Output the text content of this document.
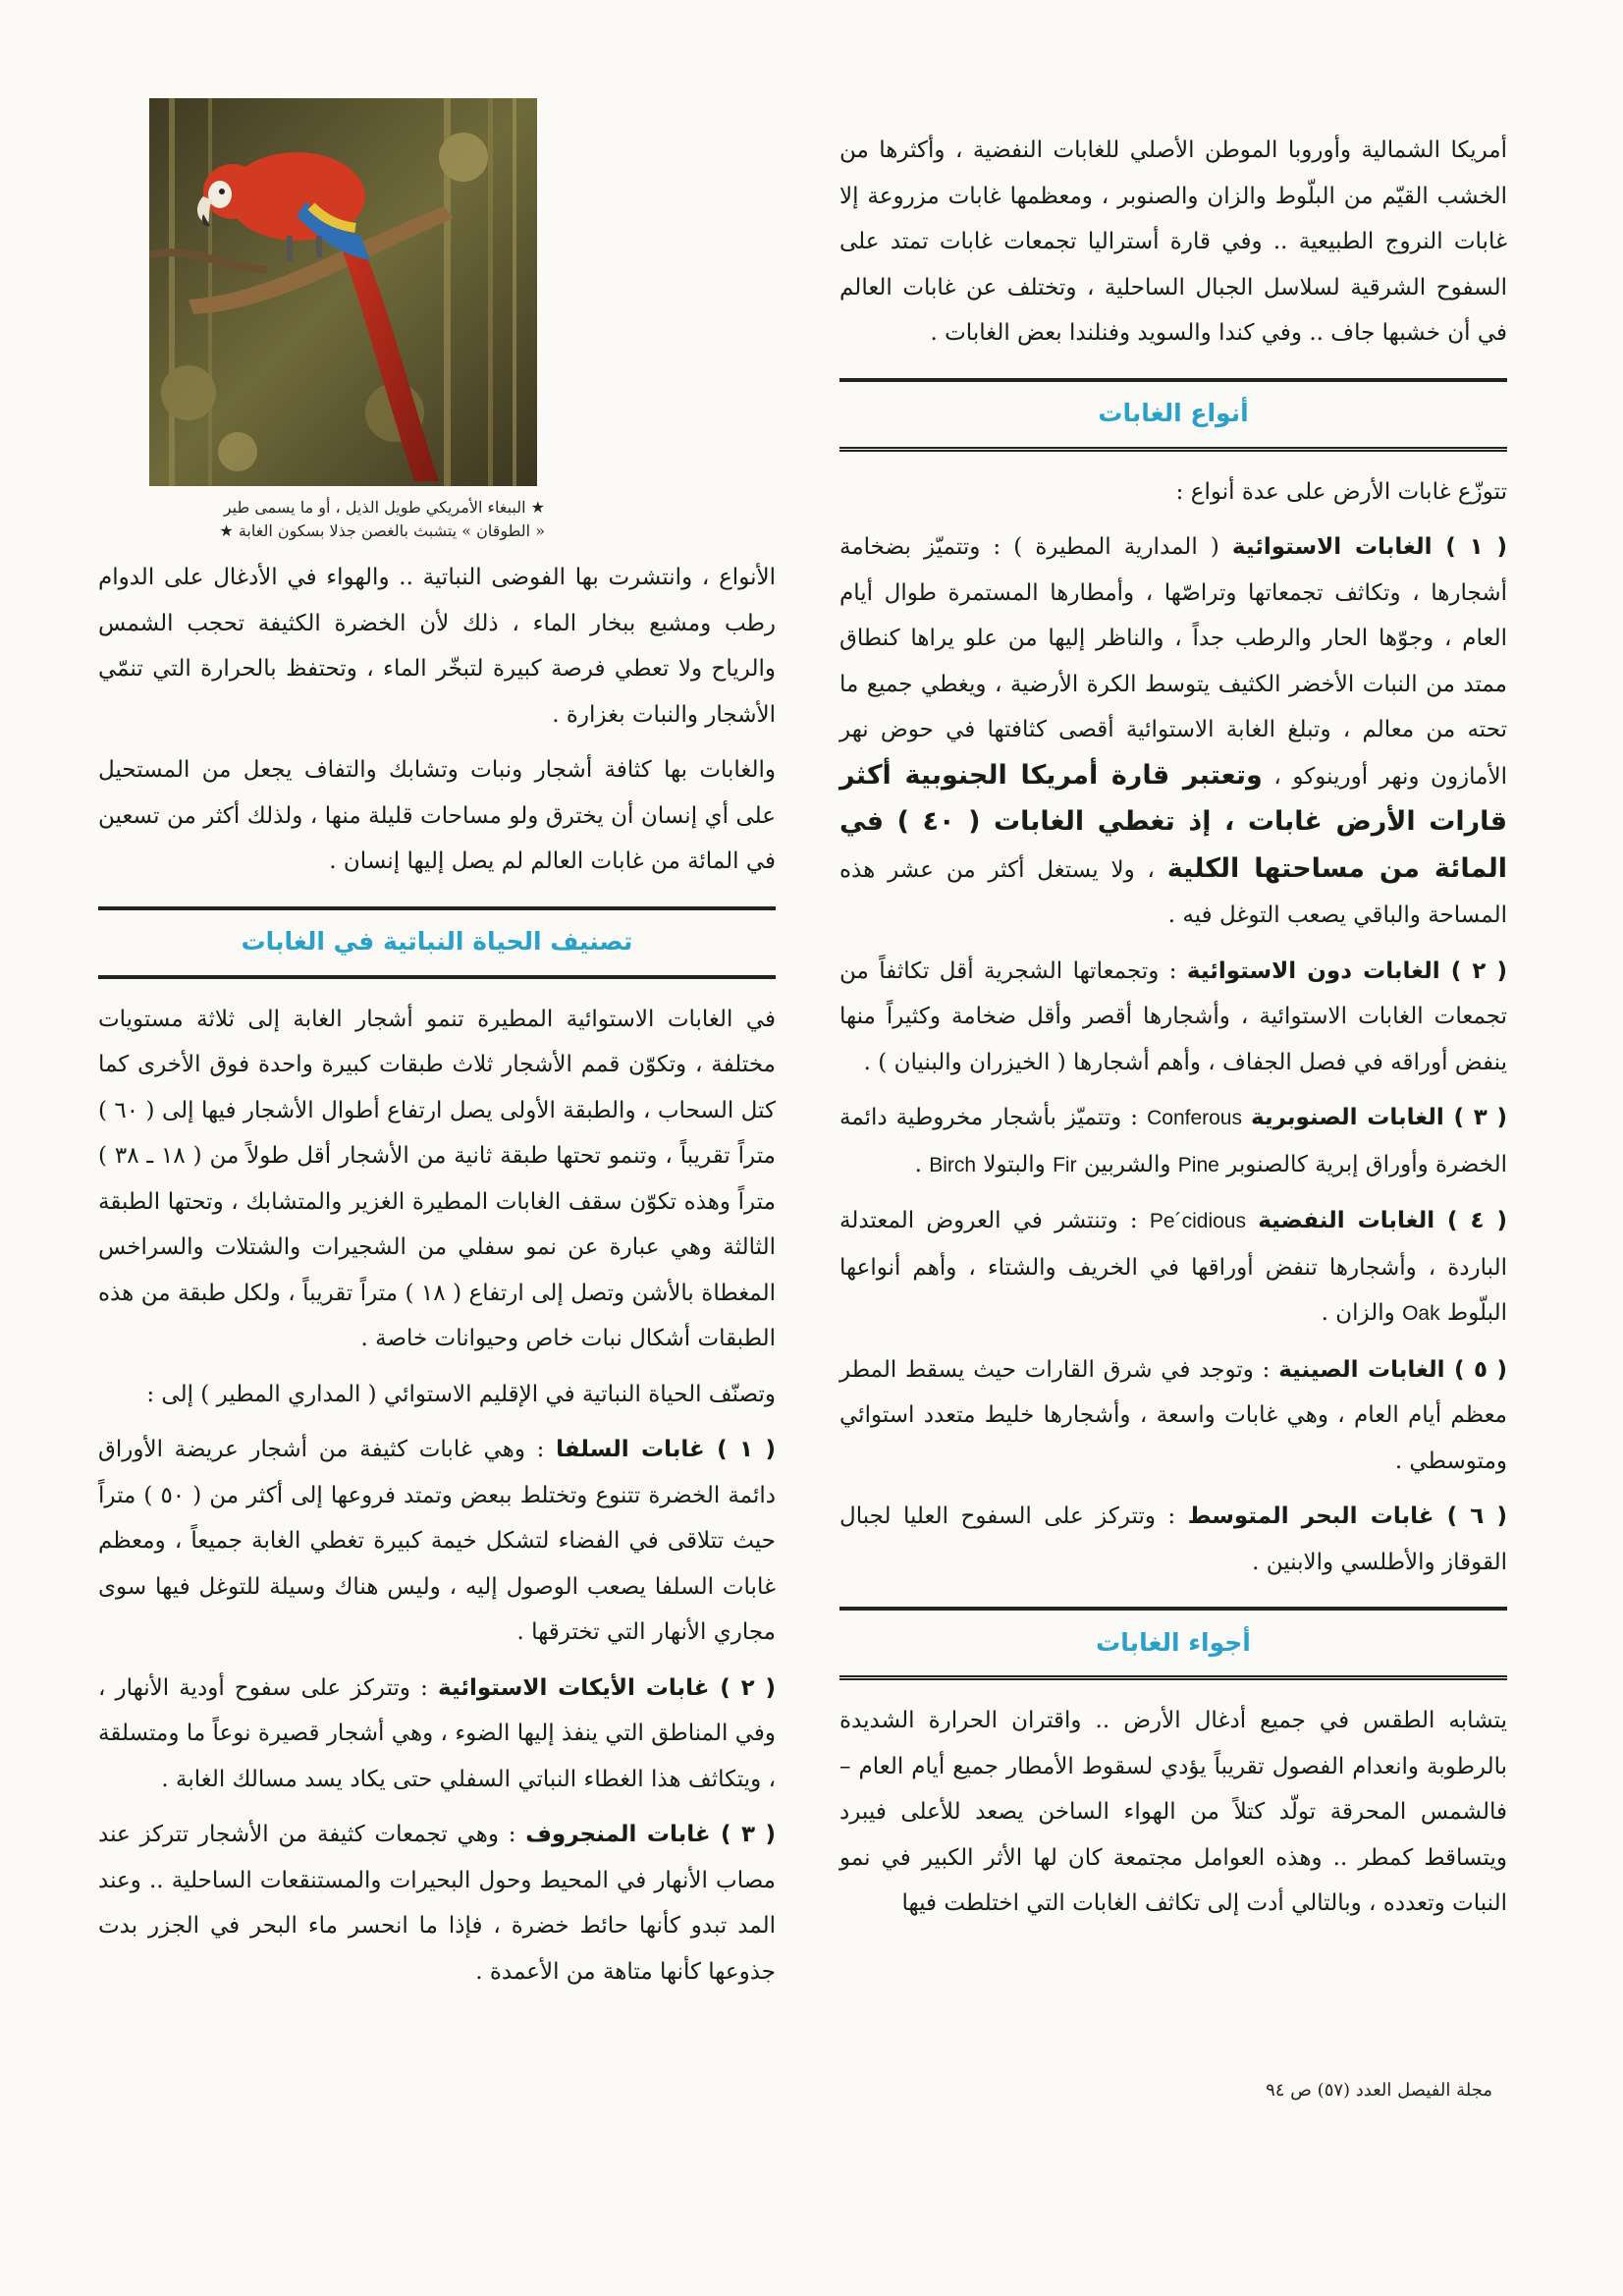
★ الببغاء الأمريكي طويل الذيل ، أو ما يسمى طير
« الطوقان » يتشبث بالغصن جذلا بسكون الغابة ★

أمريكا الشمالية وأوروبا الموطن الأصلي للغابات النفضية ، وأكثرها من الخشب القيّم من البلّوط والزان والصنوبر ، ومعظمها غابات مزروعة إلا غابات النروج الطبيعية .. وفي قارة أستراليا تجمعات غابات تمتد على السفوح الشرقية لسلاسل الجبال الساحلية ، وتختلف عن غابات العالم في أن خشبها جاف .. وفي كندا والسويد وفنلندا بعض الغابات .

أنواع الغابات

تتوزّع غابات الأرض على عدة أنواع :

( ١ ) الغابات الاستوائية ( المدارية المطيرة ) : وتتميّز بضخامة أشجارها ، وتكاثف تجمعاتها وتراصّها ، وأمطارها المستمرة طوال أيام العام ، وجوّها الحار والرطب جداً ، والناظر إليها من علو يراها كنطاق ممتد من النبات الأخضر الكثيف يتوسط الكرة الأرضية ، ويغطي جميع ما تحته من معالم ، وتبلغ الغابة الاستوائية أقصى كثافتها في حوض نهر الأمازون ونهر أورينوكو ، وتعتبر قارة أمريكا الجنوبية أكثر قارات الأرض غابات ، إذ تغطي الغابات ( ٤٠ ) في المائة من مساحتها الكلية ، ولا يستغل أكثر من عشر هذه المساحة والباقي يصعب التوغل فيه .

( ٢ ) الغابات دون الاستوائية : وتجمعاتها الشجرية أقل تكاثفاً من تجمعات الغابات الاستوائية ، وأشجارها أقصر وأقل ضخامة وكثيراً منها ينفض أوراقه في فصل الجفاف ، وأهم أشجارها ( الخيزران والبنيان ) .

( ٣ ) الغابات الصنوبرية Conferous : وتتميّز بأشجار مخروطية دائمة الخضرة وأوراق إبرية كالصنوبر Pine والشربين Fir والبتولا Birch .

( ٤ ) الغابات النفضية Pe´cidious : وتنتشر في العروض المعتدلة الباردة ، وأشجارها تنفض أوراقها في الخريف والشتاء ، وأهم أنواعها البلّوط Oak والزان .

( ٥ ) الغابات الصينية : وتوجد في شرق القارات حيث يسقط المطر معظم أيام العام ، وهي غابات واسعة ، وأشجارها خليط متعدد استوائي ومتوسطي .

( ٦ ) غابات البحر المتوسط : وتتركز على السفوح العليا لجبال القوقاز والأطلسي والابنين .

أجواء الغابات

يتشابه الطقس في جميع أدغال الأرض .. واقتران الحرارة الشديدة بالرطوبة وانعدام الفصول تقريباً يؤدي لسقوط الأمطار جميع أيام العام – فالشمس المحرقة تولّد كتلاً من الهواء الساخن يصعد للأعلى فيبرد ويتساقط كمطر .. وهذه العوامل مجتمعة كان لها الأثر الكبير في نمو النبات وتعدده ، وبالتالي أدت إلى تكاثف الغابات التي اختلطت فيها

الأنواع ، وانتشرت بها الفوضى النباتية .. والهواء في الأدغال على الدوام رطب ومشبع ببخار الماء ، ذلك لأن الخضرة الكثيفة تحجب الشمس والرياح ولا تعطي فرصة كبيرة لتبخّر الماء ، وتحتفظ بالحرارة التي تنمّي الأشجار والنبات بغزارة .

والغابات بها كثافة أشجار ونبات وتشابك والتفاف يجعل من المستحيل على أي إنسان أن يخترق ولو مساحات قليلة منها ، ولذلك أكثر من تسعين في المائة من غابات العالم لم يصل إليها إنسان .

تصنيف الحياة النباتية في الغابات

في الغابات الاستوائية المطيرة تنمو أشجار الغابة إلى ثلاثة مستويات مختلفة ، وتكوّن قمم الأشجار ثلاث طبقات كبيرة واحدة فوق الأخرى كما كتل السحاب ، والطبقة الأولى يصل ارتفاع أطوال الأشجار فيها إلى ( ٦٠ ) متراً تقريباً ، وتنمو تحتها طبقة ثانية من الأشجار أقل طولاً من ( ١٨ ـ ٣٨ ) متراً وهذه تكوّن سقف الغابات المطيرة الغزير والمتشابك ، وتحتها الطبقة الثالثة وهي عبارة عن نمو سفلي من الشجيرات والشتلات والسراخس المغطاة بالأشن وتصل إلى ارتفاع ( ١٨ ) متراً تقريباً ، ولكل طبقة من هذه الطبقات أشكال نبات خاص وحيوانات خاصة .

وتصنّف الحياة النباتية في الإقليم الاستوائي ( المداري المطير ) إلى :

( ١ ) غابات السلفا : وهي غابات كثيفة من أشجار عريضة الأوراق دائمة الخضرة تتنوع وتختلط ببعض وتمتد فروعها إلى أكثر من ( ٥٠ ) متراً حيث تتلاقى في الفضاء لتشكل خيمة كبيرة تغطي الغابة جميعاً ، ومعظم غابات السلفا يصعب الوصول إليه ، وليس هناك وسيلة للتوغل فيها سوى مجاري الأنهار التي تخترقها .

( ٢ ) غابات الأيكات الاستوائية : وتتركز على سفوح أودية الأنهار ، وفي المناطق التي ينفذ إليها الضوء ، وهي أشجار قصيرة نوعاً ما ومتسلقة ، ويتكاثف هذا الغطاء النباتي السفلي حتى يكاد يسد مسالك الغابة .

( ٣ ) غابات المنجروف : وهي تجمعات كثيفة من الأشجار تتركز عند مصاب الأنهار في المحيط وحول البحيرات والمستنقعات الساحلية .. وعند المد تبدو كأنها حائط خضرة ، فإذا ما انحسر ماء البحر في الجزر بدت جذوعها كأنها متاهة من الأعمدة .

مجلة الفيصل العدد (٥٧) ص ٩٤
